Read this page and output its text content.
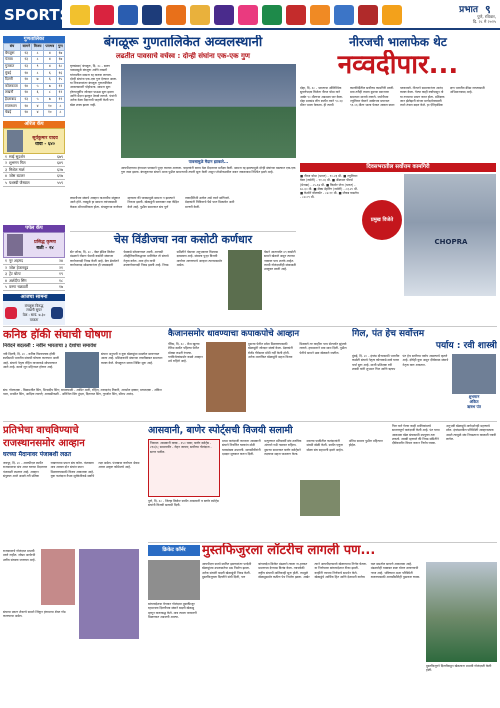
SPORTS	प्रभात ९
पुणे, रविवार,
दि. २८ मे २०२५
गुणतालिका
संघ	सामने	विजय	पराभव	गुण
बेंगळूरू	१३	८	४	१७
पंजाब	१३	८	४	१७
गुजरात	१३	९	४	१८
मुंबई	१४	८	६	१६
दिल्ली	१४	७	६	१५
कोलकाता	१४	५	७	१२
लखनौ	१४	६	८	१२
हैदराबाद	१३	५	७	११
राजस्थान	१४	४	१०	८
चेन्नई	१४	४	१०	८
ऑरेंज कॅप
सूर्यकुमार यादव
धावा - ६४०
१ साई सुदर्शन	६७९
२ शुभमन गिल	६४९
३ मिशेल मार्श	६२७
४ जोस बटलर	६१७
५ यशस्वी जैस्वाल	५५९
पर्पल कॅप
प्रसिद्ध कृष्णा
बळी - २४
१ नूर अहमद	२४
२ जोश हेजलवूड	२१
३ ट्रेंट बोल्ट	१९
४ अर्शदीप सिंग	१८
५ वरुण चक्रवर्ती	१७
आजचा सामना
बंगळूरू विरुद्ध
लखनौ सुपर
वेळ : सायं. ७.३० वाजता
बंगळूरू गुणतालिकेत अव्वलस्थानी
लढतीत पावसाचे वर्चस्व : दोन्ही संघांना एक-एक गुण
वृत्तसंस्था/ बंगळूरू, दि. २८ - सलग पावसामुळे बंगळूरू आणि लखनौ यांच्यातील सामना रद्द करावा लागला. दोन्ही संघांना एक-एक गुण देण्यात आला. या निकालानंतर बंगळूरू गुणतालिकेत अव्वलस्थानी पोहोचला. सामना सुरू होण्यापूर्वीच जोरदार पाऊस सुरू झाला आणि मैदान झाकून ठेवावे लागले. पंचांनी अनेक वेळा मैदानाची पाहणी केली पण खेळ शक्य झाला नाही.
पावसामुळे मैदान झाकले...
आयपीएलच्या हंगामात पावसाने पुन्हा व्यत्यय आणला. चाहत्यांनी बराच वेळ मैदानावर प्रतीक्षा केली. सामना रद्द झाल्यामुळे दोन्ही संघांच्या खात्यात एक-एक गुण जमा झाला. बंगळूरूच्या संघाने आता पुढील सामन्याची तयारी सुरू केली असून प्लेऑफमधील स्थान जवळपास निश्चित झाले आहे.
लखनौच्या संघाचे आव्हान याआधीच संपुष्टात आले होते. त्यामुळे हा सामना त्यांच्यासाठी केवळ औपचारिकता होता. बंगळूरूचा कर्णधार म्हणाला की पावसामुळे सामना न झाल्याने निराशा झाली. खेळाडूंनी सरावावर लक्ष केंद्रित केले आहे. पुढील सामन्यात संघ पूर्ण ताकदीनिशी उतरेल असे त्याने सांगितले. प्रेक्षकांनी तिकिटाचे पैसे परत मिळावेत अशी मागणी केली.
चेस विंडीजचा नवा कसोटी कर्णधार
सेंट जॉन्स, दि. २८ - वेस्ट इंडिज क्रिकेट मंडळाने रॉस्टन चेसची कसोटी संघाच्या कर्णधारपदी निवड केली आहे. क्रेग ब्रेथवेटने कर्णधारपद सोडल्यानंतर ही जबाबदारी चेसकडे सोपवण्यात आली. आगामी ऑस्ट्रेलियाविरुद्धच्या मालिकेत तो संघाचे नेतृत्व करेल. शाय होप याची उपकर्णधारपदी निवड झाली आहे. निवड समितीने चेसच्या अनुभवावर विश्वास दाखवला आहे. संघाला पुन्हा विजयी मार्गावर आणण्याचे आव्हान त्याच्यासमोर असेल.
चेसने आतापर्यंत ४९ कसोटी सामने खेळले असून त्याच्या नावावर पाच शतके आहेत. त्याची गोलंदाजीही संघासाठी उपयुक्त ठरली आहे.
नीरजची भालाफेक थेट
नव्वदीपार...
दोहा, दि. २८ - भारताचा ऑलिम्पिक सुवर्णपदक विजेता नीरज चोप्रा याने अखेर ९० मीटरचा अडथळा पार केला. दोहा डायमंड लीग स्पर्धेत त्याने ९०.२३ मीटर भाला फेकला. ही त्याची कारकीर्दीतील सर्वोत्तम कामगिरी ठरली. मात्र तरीही त्याला दुसऱ्या स्थानावर समाधान मानावे लागले. जर्मनीच्या ज्युलियन वेबरने अखेरच्या प्रयत्नात ९१.०६ मीटर भाला फेकत अव्वल स्थान पटकावले. नीरजने सामन्यानंतर आनंद व्यक्त केला. गेल्या काही वर्षांपासून तो या टप्प्याचा प्रयत्न करत होता. प्रशिक्षक जान झेलेझनी यांच्या मार्गदर्शनाखाली त्याने तंत्रात बदल केले. हा ऐतिहासिक क्षण भारतीय क्रीडा जगतासाठी अभिमानास्पद आहे.
दिवसभरातील सर्वोत्तम कामगिरी
■ नीरज चोप्रा (भारत) - ९०.२३ मी. ■ ज्युलियन वेबर (जर्मनी) - ९१.०६ मी. ■ अँडरसन पीटर्स (ग्रेनाडा) - ८५.६४ मी. ■ किशोर जेना (भारत) - ७८.६० मी. ■ मॅक्स डेहनिंग (जर्मनी) - ८३.२० मी. ■ केशॉर्न वॉलकॉट - ८४.११ मी. ■ जॅकब वाडलेच - ८४.०९ मी.
प्रमुख विजेते
CHOPRA
कनिष्ठ हॉकी संघाची घोषणा
निवेदने बदलली : नवीन भारताचा ३ देशांचा समावेश
नवी दिल्ली, दि. २८ - कनिष्ठ विश्वचषक हॉकी स्पर्धेसाठी भारतीय संघाची घोषणा करण्यात आली आहे. संघाचे नेतृत्व रोहित याच्याकडे सोपवण्यात आले आहे. स्पर्धा जून महिन्यात होणार आहे.
संघात अनुभवी व युवा खेळाडूंचा समतोल साधण्यात आला आहे. प्रशिक्षकांनी संघाच्या तयारीबाबत समाधान व्यक्त केले. बेंगळूरूत सराव शिबिर सुरू आहे.
संघ: गोलरक्षक - बिक्रमजीत सिंग, प्रिन्सदीप सिंग; बचावफळी - आमिर अली, रोहित, शारदानंद तिवारी, अनमोल इक्का; मध्यरक्षक - अंकित पाल, मनमीत सिंग, आदित्य लालगे; आघाडीफळी - अरिजित सिंग हुंदल, दिलराज सिंग, गुरजोत सिंग, सौरभ आनंद.
कैजानसमोर धावण्याचा कपाकपोचे आव्हान
पॅरिस, दि. २८ - फ्रेंच खुल्या टेनिस स्पर्धेत पहिल्या फेरीत मोठ्या लढती रंगल्या. गतविजेत्यांसमोर कडवे आव्हान उभे राहिले आहे.
दुसऱ्या फेरीत प्रवेश मिळवण्यासाठी खेळाडूंनी जोरदार संघर्ष केला. प्रेक्षकांनी रोलँड गॅरोसवर मोठी गर्दी केली होती. अनेक मानांकित खेळाडूंनी सहज विजय मिळवले तर काहींना पाच सेटपर्यंत झुंजावे लागले. हवामानाने मात्र साथ दिली. पुढील फेरीचे सामने उद्या खेळवले जातील.
गिल, पंत हेच सर्वोत्तम
पर्याय : रवी शास्त्री
मुंबई, दि. २८ - इंग्लंड दौऱ्यासाठी भारतीय कसोटी संघाचे नेतृत्व कोणाकडे द्यावे यावर चर्चा सुरू आहे. माजी प्रशिक्षक रवी शास्त्री यांनी शुभमन गिल आणि ऋषभ पंत हेच सर्वोत्तम पर्याय असल्याचे म्हटले आहे. दोघेही युवा असून दीर्घकाळ संघाचे नेतृत्व करू शकतात.
शुभमान
अंकित
ऋषभ पंत
प्रतिभेचा वाचविण्याचे
राजस्थानसमोर आव्हान
घरच्या मैदानावर पंजाबशी लढत
जयपूर, दि. २८ - आयपीएल स्पर्धेत राजस्थानचा संघ आज घरच्या मैदानावर पंजाबशी लढणार आहे. आव्हान संपुष्टात आले असले तरी प्रतिष्ठा राखण्याचा प्रयत्न संघ करेल. पंजाबला मात्र अव्वल दोन संघांत स्थान मिळवण्यासाठी विजय आवश्यक आहे. युवा फलंदाज वैभव सूर्यवंशीकडे सर्वांचे लक्ष असेल. पंजाबचा कर्णधार श्रेयस अय्यर उत्कृष्ट फॉर्ममध्ये आहे.
राजस्थानचे गोलंदाज प्रभावी ठरले नाहीत. जोफ्रा आर्चरची उणीव संघाला जाणवत आहे.
संघाचा प्रयत्न शेवटचे सामने जिंकून हंगामाचा शेवट गोड करण्याचा असेल.
आसवानी, बाणेर स्पोर्ट्सची विजयी सलामी
निकाल: आसवानी क्लब - २५० धावा; बाणेर स्पोर्ट्स - २१४/६; सामनावीर - रोहन जाधव; सर्वोत्तम गोलंदाज - सागर पाटील.
पुणे, दि. २८ - जिल्हा क्रिकेट स्पर्धेत आसवानी व बाणेर स्पोर्ट्स संघांनी विजयी सलामी दिली.
प्रथम फलंदाजी करताना आसवानी संघाने निर्धारित षटकांत मोठी धावसंख्या उभारली. सलामीवीरांनी दमदार सुरुवात करून दिली. प्रत्युत्तरात प्रतिस्पर्धी संघ ठराविक अंतराने गडी गमावत राहिला. दुसऱ्या सामन्यात बाणेर स्पोर्ट्सने लक्ष्याचा सहज पाठलाग केला. मधल्या फळीतील फलंदाजांनी संयमी खेळी केली. स्पर्धेत एकूण सोळा संघ सहभागी झाले आहेत. अंतिम सामना पुढील महिन्यात होईल.
गिल याने गेल्या काही मालिकांमध्ये सातत्यपूर्ण फलंदाजी केली आहे. पंत याचा आक्रमक खेळ संघासाठी उपयुक्त ठरू शकतो. शास्त्री म्हणाले की निवड समितीने दीर्घकालीन विचार करून निर्णय घ्यावा. अनुभवी खेळाडूंचे मार्गदर्शनही महत्त्वाचे ठरेल. इंग्लंडमधील परिस्थिती आव्हानात्मक असते त्यामुळे संघ निवडताना काळजी घ्यावी लागेल.
क्रिकेट कॉर्नर	मुस्तफिजुरला लॉटरीच लागली पण...
बांगलादेशचा वेगवान गोलंदाज मुस्तफिजुर रहमानला दिल्लीच्या संघाने बदली खेळाडू म्हणून करारबद्ध केले. मात्र त्याला परवानगी मिळण्यात अडचणी आल्या.
आयपीएल स्पर्धा स्थगित झाल्यानंतर परदेशी खेळाडूंच्या उपलब्धतेचा प्रश्न निर्माण झाला. अनेक संघांनी बदली खेळाडूंची निवड केली. मुस्तफिजुरला दिल्लीने संधी दिली, पण बांगलादेश क्रिकेट मंडळाने त्याला ना-हरकत प्रमाणपत्र देण्यास विलंब केला. त्याचवेळी राष्ट्रीय संघाची मालिकाही सुरू होती. त्यामुळे खेळाडूसमोर कठीण पेच निर्माण झाला. अखेर त्याने आयपीएलमध्ये खेळण्याचा निर्णय घेतला. या निर्णयावर बांगलादेशात टीका झाली. काहींनी त्याच्या निर्णयाचे समर्थन केले. खेळाडूंचे आर्थिक हित आणि देशाप्रती कर्तव्य यात समतोल साधणे आवश्यक आहे. मंडळानेही याबाबत स्पष्ट धोरण ठरवण्याची गरज आहे. भविष्यात अशा परिस्थिती टाळण्यासाठी आयसीसीनेही पुढाकार घ्यावा.
मुस्तफिजुरने दिल्लीकडून खेळताना प्रभावी गोलंदाजी केली होती.
